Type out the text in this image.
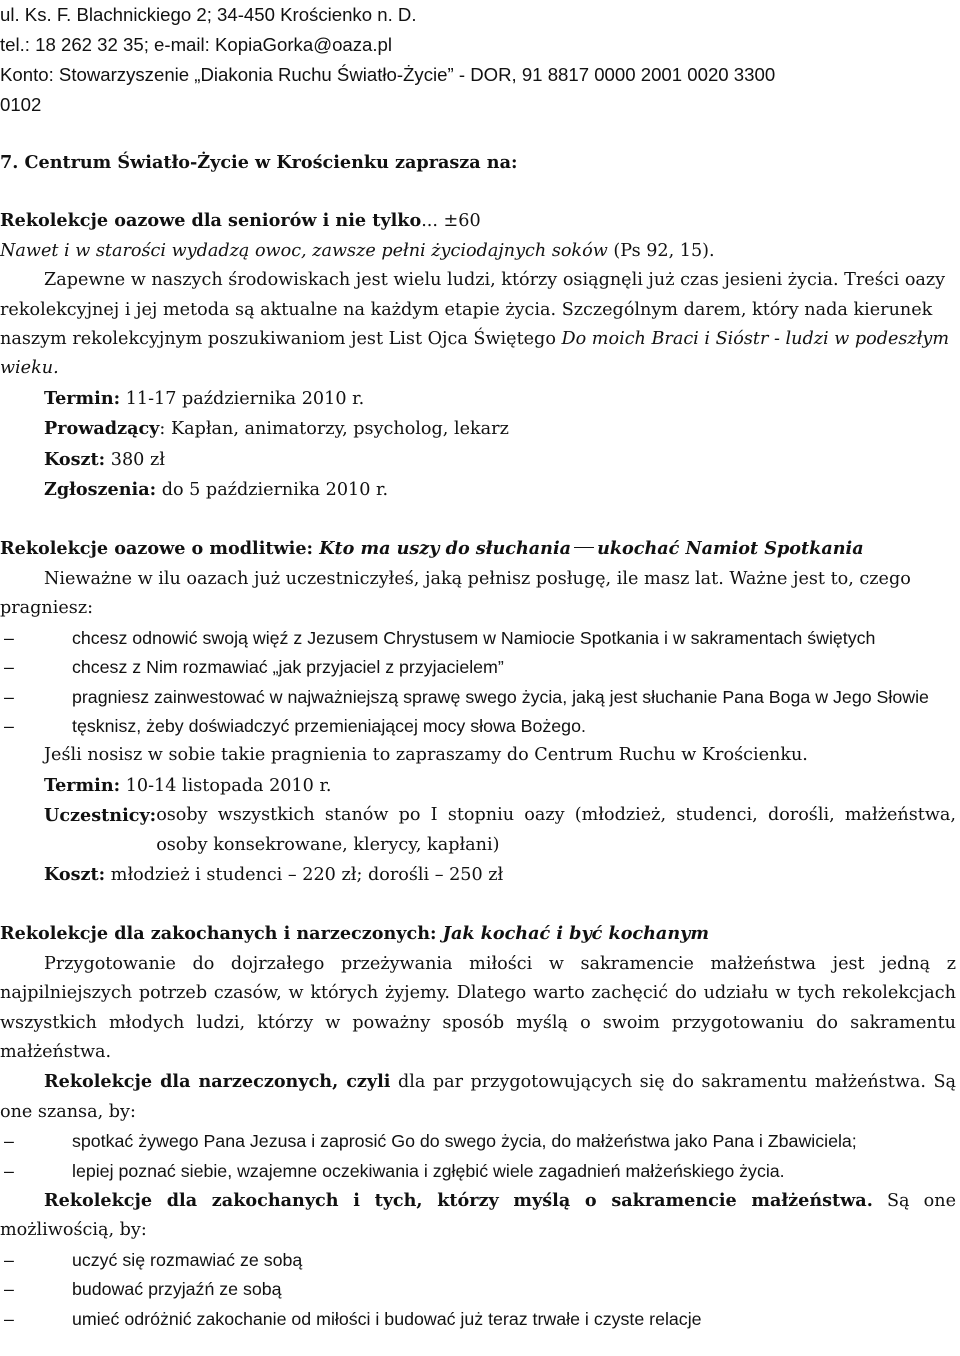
ul. Ks. F. Blachnickiego 2; 34-450 Krościenko n. D.

tel.: 18 262 32 35; e-mail: KopiaGorka@oaza.pl

Konto: Stowarzyszenie „Diakonia Ruchu Światło-Życie” - DOR, 91 8817 0000 2001 0020 3300

0102

7. Centrum Światło-Życie w Krościenku zaprasza na:

Rekolekcje oazowe dla seniorów i nie tylko... ±60

Nawet i w starości wydadzą owoc, zawsze pełni życiodajnych soków (Ps 92, 15).

Zapewne w naszych środowiskach jest wielu ludzi, którzy osiągnęli już czas jesieni życia. Treści oazy rekolekcyjnej i jej metoda są aktualne na każdym etapie życia. Szczególnym darem, który nada kierunek naszym rekolekcyjnym poszukiwaniom jest List Ojca Świętego Do moich Braci i Sióstr - ludzi w podeszłym wieku.

Termin: 11-17 października 2010 r.

Prowadzący: Kapłan, animatorzy, psycholog, lekarz

Koszt: 380 zł

Zgłoszenia: do 5 października 2010 r.

Rekolekcje oazowe o modlitwie: Kto ma uszy do słuchania ukochać Namiot Spotkania

Nieważne w ilu oazach już uczestniczyłeś, jaką pełnisz posługę, ile masz lat. Ważne jest to, czego pragniesz:

–	chcesz odnowić swoją więź z Jezusem Chrystusem w Namiocie Spotkania i w sakramentach świętych
–	chcesz z Nim rozmawiać „jak przyjaciel z przyjacielem”
–	pragniesz zainwestować w najważniejszą sprawę swego życia, jaką jest słuchanie Pana Boga w Jego Słowie
–	tęsknisz, żeby doświadczyć przemieniającej mocy słowa Bożego.

Jeśli nosisz w sobie takie pragnienia to zapraszamy do Centrum Ruchu w Krościenku.

Termin: 10-14 listopada 2010 r.

Uczestnicy: osoby wszystkich stanów po I stopniu oazy (młodzież, studenci, dorośli, małżeństwa, osoby konsekrowane, klerycy, kapłani)

Koszt: młodzież i studenci – 220 zł; dorośli – 250 zł

Rekolekcje dla zakochanych i narzeczonych: Jak kochać i być kochanym

Przygotowanie do dojrzałego przeżywania miłości w sakramencie małżeństwa jest jedną z najpilniejszych potrzeb czasów, w których żyjemy. Dlatego warto zachęcić do udziału w tych rekolekcjach wszystkich młodych ludzi, którzy w poważny sposób myślą o swoim przygotowaniu do sakramentu małżeństwa.

Rekolekcje dla narzeczonych, czyli dla par przygotowujących się do sakramentu małżeństwa. Są one szansa, by:

–	spotkać żywego Pana Jezusa i zaprosić Go do swego życia, do małżeństwa jako Pana i Zbawiciela;
–	lepiej poznać siebie, wzajemne oczekiwania i zgłębić wiele zagadnień małżeńskiego życia.

Rekolekcje dla zakochanych i tych, którzy myślą o sakramencie małżeństwa. Są one możliwością, by:

–	uczyć się rozmawiać ze sobą
–	budować przyjaźń ze sobą
–	umieć odróżnić zakochanie od miłości i budować już teraz trwałe i czyste relacje
